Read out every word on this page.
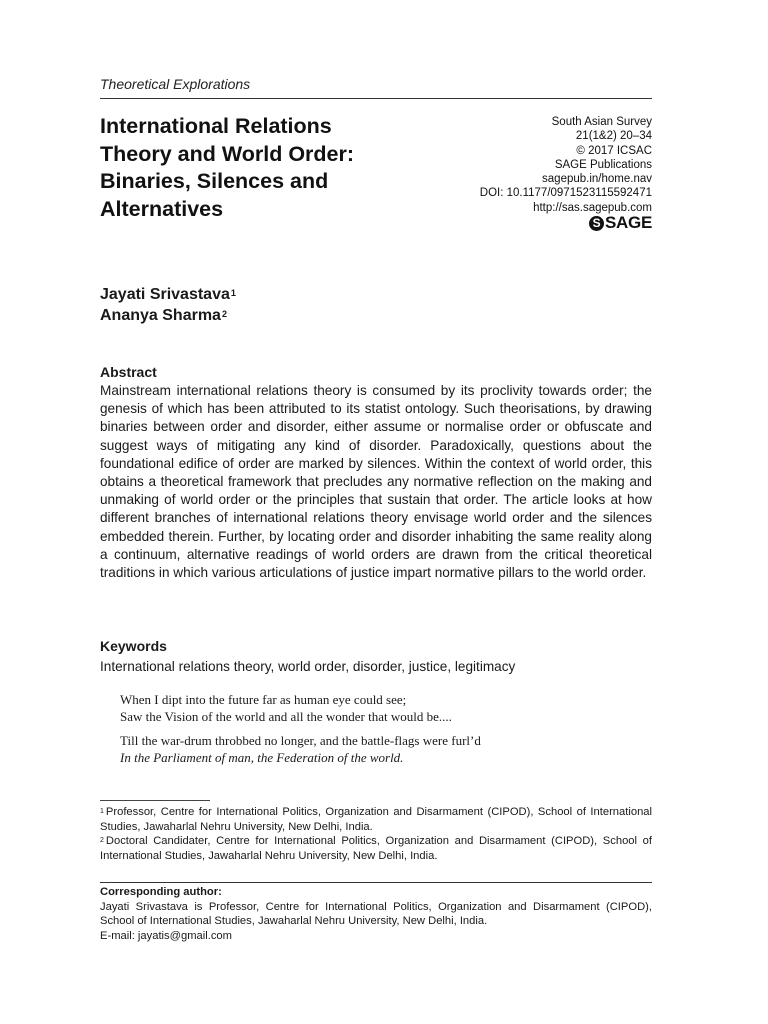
Theoretical Explorations
International Relations
Theory and World Order:
Binaries, Silences and
Alternatives
South Asian Survey
21(1&2) 20–34
© 2017 ICSAC
SAGE Publications
sagepub.in/home.nav
DOI: 10.1177/0971523115592471
http://sas.sagepub.com
S SAGE
Jayati Srivastava$^1$
Ananya Sharma$^2$
Abstract
Mainstream international relations theory is consumed by its proclivity towards order; the genesis of which has been attributed to its statist ontology. Such theorisations, by drawing binaries between order and disorder, either assume or normalise order or obfuscate and suggest ways of mitigating any kind of disorder. Paradoxically, questions about the foundational edifice of order are marked by silences. Within the context of world order, this obtains a theoretical framework that precludes any normative reflection on the making and unmaking of world order or the principles that sustain that order. The article looks at how different branches of international relations theory envisage world order and the silences embedded therein. Further, by locating order and disorder inhabiting the same reality along a continuum, alternative readings of world orders are drawn from the critical theoretical traditions in which various articulations of justice impart normative pillars to the world order.
Keywords
International relations theory, world order, disorder, justice, legitimacy
When I dipt into the future far as human eye could see;
Saw the Vision of the world and all the wonder that would be....
Till the war-drum throbbed no longer, and the battle-flags were furl’d
In the Parliament of man, the Federation of the world.
$^1$ Professor, Centre for International Politics, Organization and Disarmament (CIPOD), School of International Studies, Jawaharlal Nehru University, New Delhi, India.
$^2$ Doctoral Candidater, Centre for International Politics, Organization and Disarmament (CIPOD), School of International Studies, Jawaharlal Nehru University, New Delhi, India.
Corresponding author:
Jayati Srivastava is Professor, Centre for International Politics, Organization and Disarmament (CIPOD), School of International Studies, Jawaharlal Nehru University, New Delhi, India.
E-mail: jayatis@gmail.com
